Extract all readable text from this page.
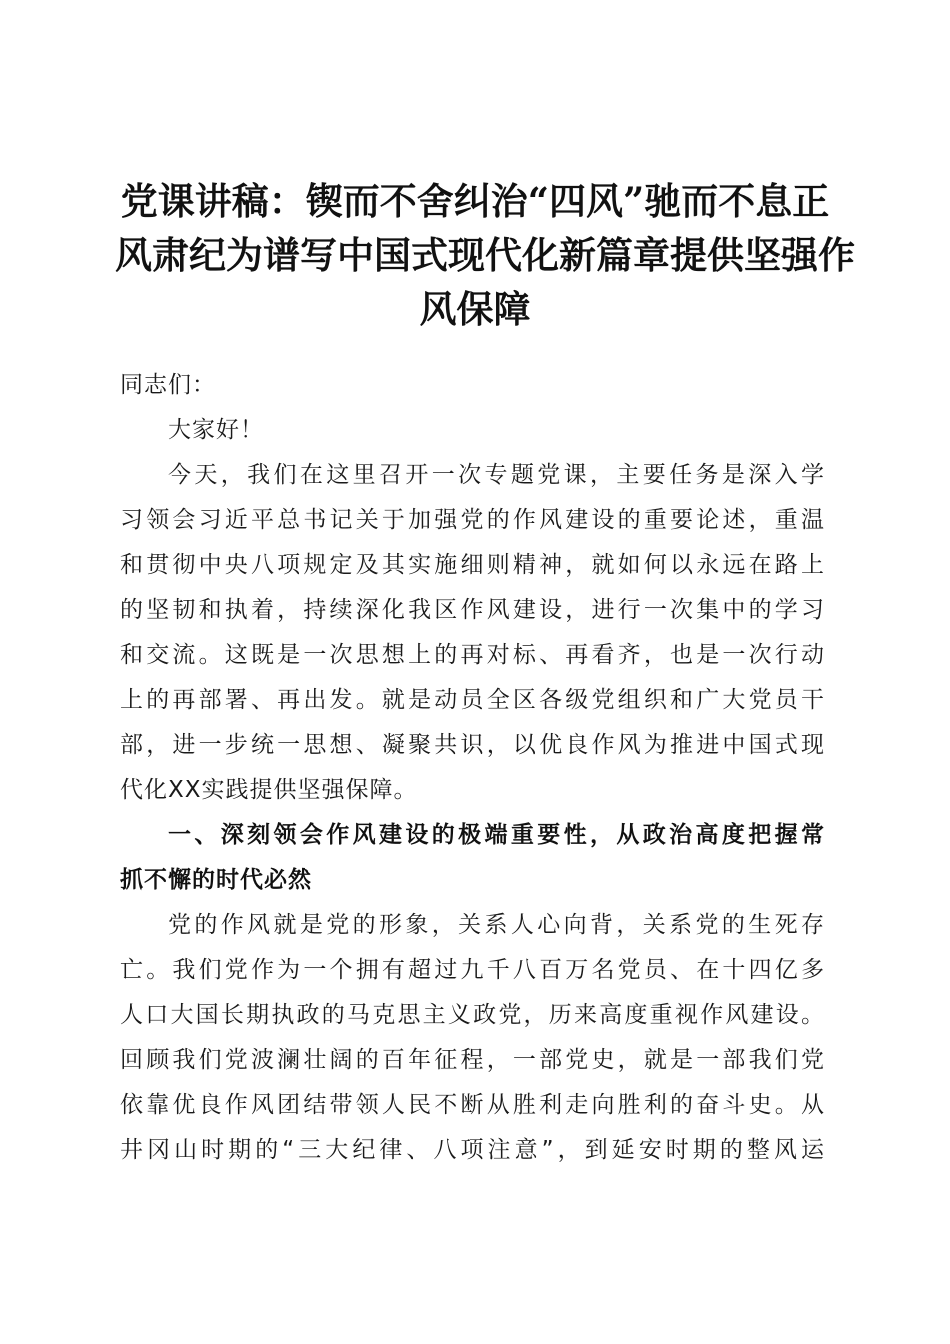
党课讲稿：锲而不舍纠治“四风”驰而不息正
风肃纪为谱写中国式现代化新篇章提供坚强作
风保障
同志们：
大家好！
今天，我们在这里召开一次专题党课，主要任务是深入学
习领会习近平总书记关于加强党的作风建设的重要论述，重温
和贯彻中央八项规定及其实施细则精神，就如何以永远在路上
的坚韧和执着，持续深化我区作风建设，进行一次集中的学习
和交流。这既是一次思想上的再对标、再看齐，也是一次行动
上的再部署、再出发。就是动员全区各级党组织和广大党员干
部，进一步统一思想、凝聚共识，以优良作风为推进中国式现
代化XX实践提供坚强保障。
一、深刻领会作风建设的极端重要性，从政治高度把握常
抓不懈的时代必然
党的作风就是党的形象，关系人心向背，关系党的生死存
亡。我们党作为一个拥有超过九千八百万名党员、在十四亿多
人口大国长期执政的马克思主义政党，历来高度重视作风建设。
回顾我们党波澜壮阔的百年征程，一部党史，就是一部我们党
依靠优良作风团结带领人民不断从胜利走向胜利的奋斗史。从
井冈山时期的“三大纪律、八项注意”，到延安时期的整风运
